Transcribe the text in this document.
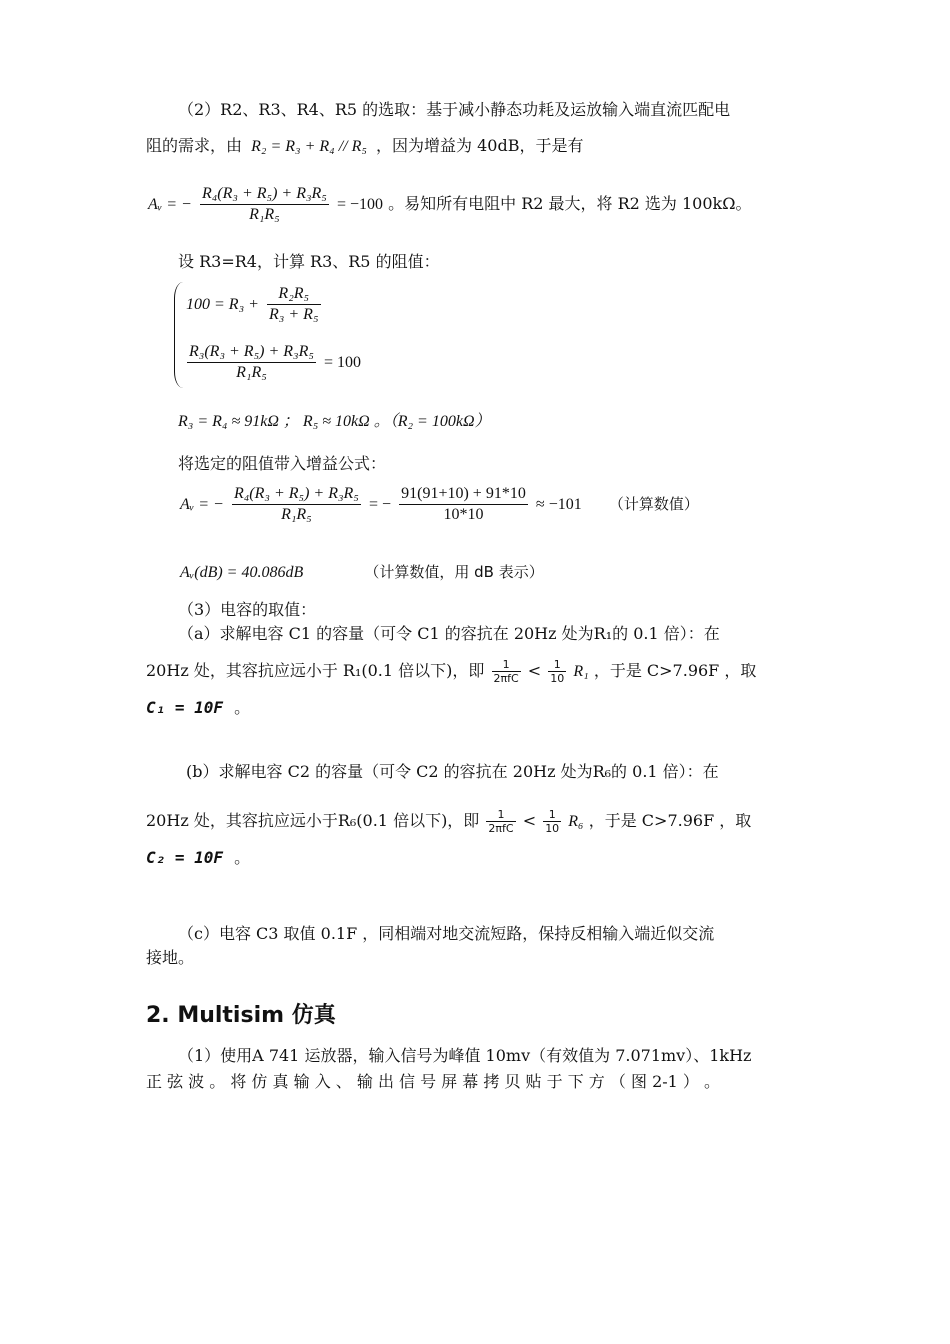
（2）R2、R3、R4、R5 的选取：基于减小静态功耗及运放输入端直流匹配电
阻的需求，由 R₂ = R₃ + R₄ // R₅ ，因为增益为 40dB，于是有
Aᵥ = − $\frac{\text{R₄(R₃ + R₅) + R₃R₅}}{\text{R₁R₅}} = -100$ 。易知所有电阻中 R2 最大，将 R2 选为 100kΩ。
设 R3=R4，计算 R3、R5 的阻值：
$100 = R_3 + \frac{\text{R₂R₅}}{\text{R₃ + R₅}}$
$\frac{\text{R₃(R₃ + R₅) + R₃R₅}}{\text{R₁R₅}} = 100$
R₃ = R₄ ≈ 91kΩ ； R₅ ≈ 10kΩ 。（R₂ = 100kΩ）
将选定的阻值带入增益公式：
Aᵥ = − $\frac{\text{R₄(R₃ + R₅) + R₃R₅}}{\text{R₁R₅}}$ = − $\frac{91(91+10) + 91*10}{10*10} \approx -101$ （计算数值）
Aᵥ(dB) = 40.086dB	（计算数值，用 dB 表示）
（3）电容的取值：
（a）求解电容 C1 的容量（可令 C1 的容抗在 20Hz 处为R₁的 0.1 倍）：在
20Hz 处，其容抗应远小于 R₁(0.1 倍以下)，即 $\frac{1}{\text{2πfC}} < \frac{1}{10} R_1$ ，于是 C>7.96F ，取
C₁ = 10F 。
(b）求解电容 C2 的容量（可令 C2 的容抗在 20Hz 处为R₆的 0.1 倍）：在
20Hz 处，其容抗应远小于R₆(0.1 倍以下)，即 $\frac{1}{\text{2πfC}} < \frac{1}{10} R_6$ ，于是 C>7.96F ，取
C₂ = 10F 。
（c）电容 C3 取值 0.1F ，同相端对地交流短路，保持反相输入端近似交流
接地。
2. Multisim 仿真
（1）使用A 741 运放器，输入信号为峰值 10mv（有效值为 7.071mv）、1kHz
正 弦 波 。 将 仿 真 输 入 、 输 出 信 号 屏 幕 拷 贝 贴 于 下 方 （ 图 2-1 ） 。
